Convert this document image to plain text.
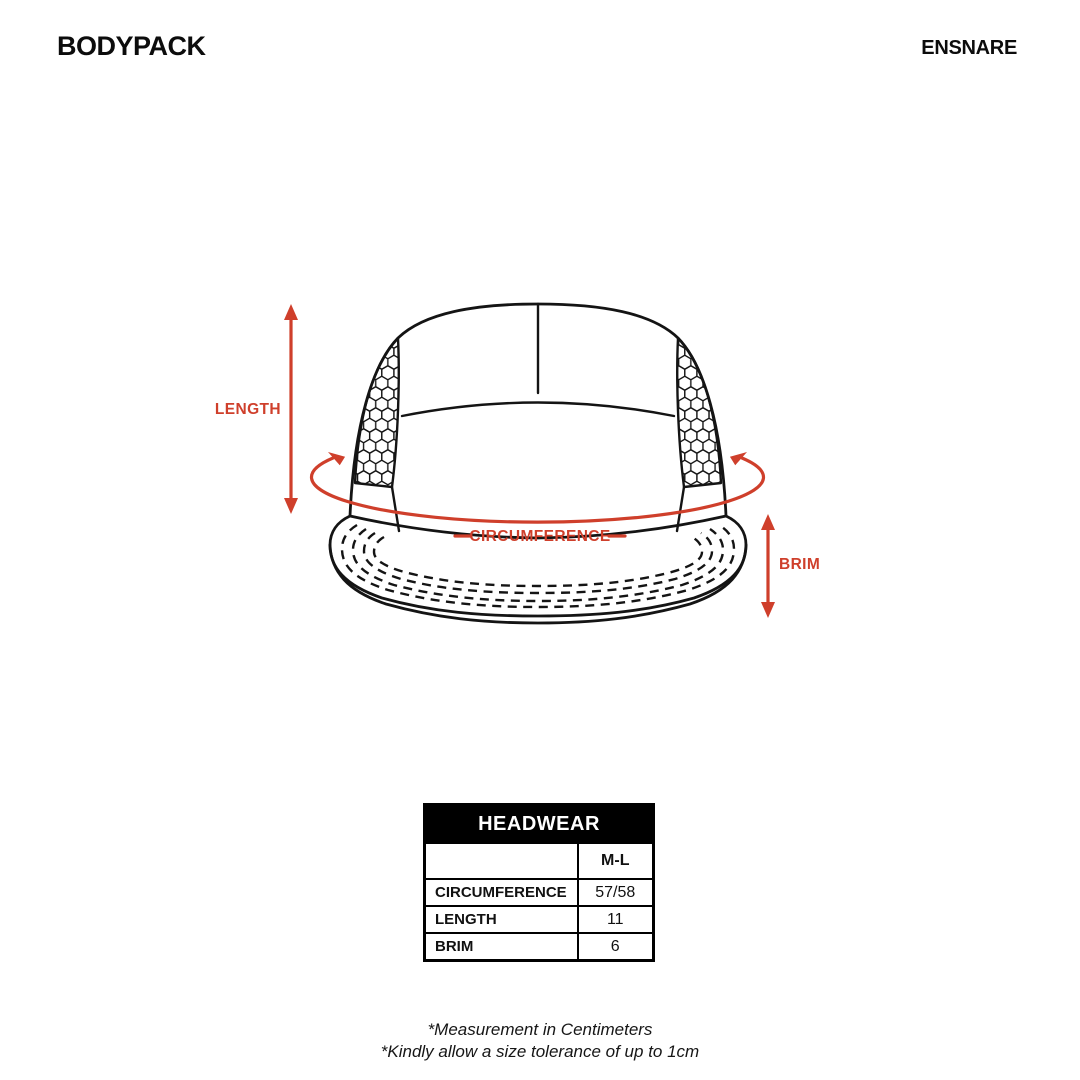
BODYPACK	ENSNARE
LENGTH
CIRCUMFERENCE
BRIM
HEADWEAR	
	M-L
CIRCUMFERENCE	57/58
LENGTH	11
BRIM	6
*Measurement in Centimeters
*Kindly allow a size tolerance of up to 1cm
